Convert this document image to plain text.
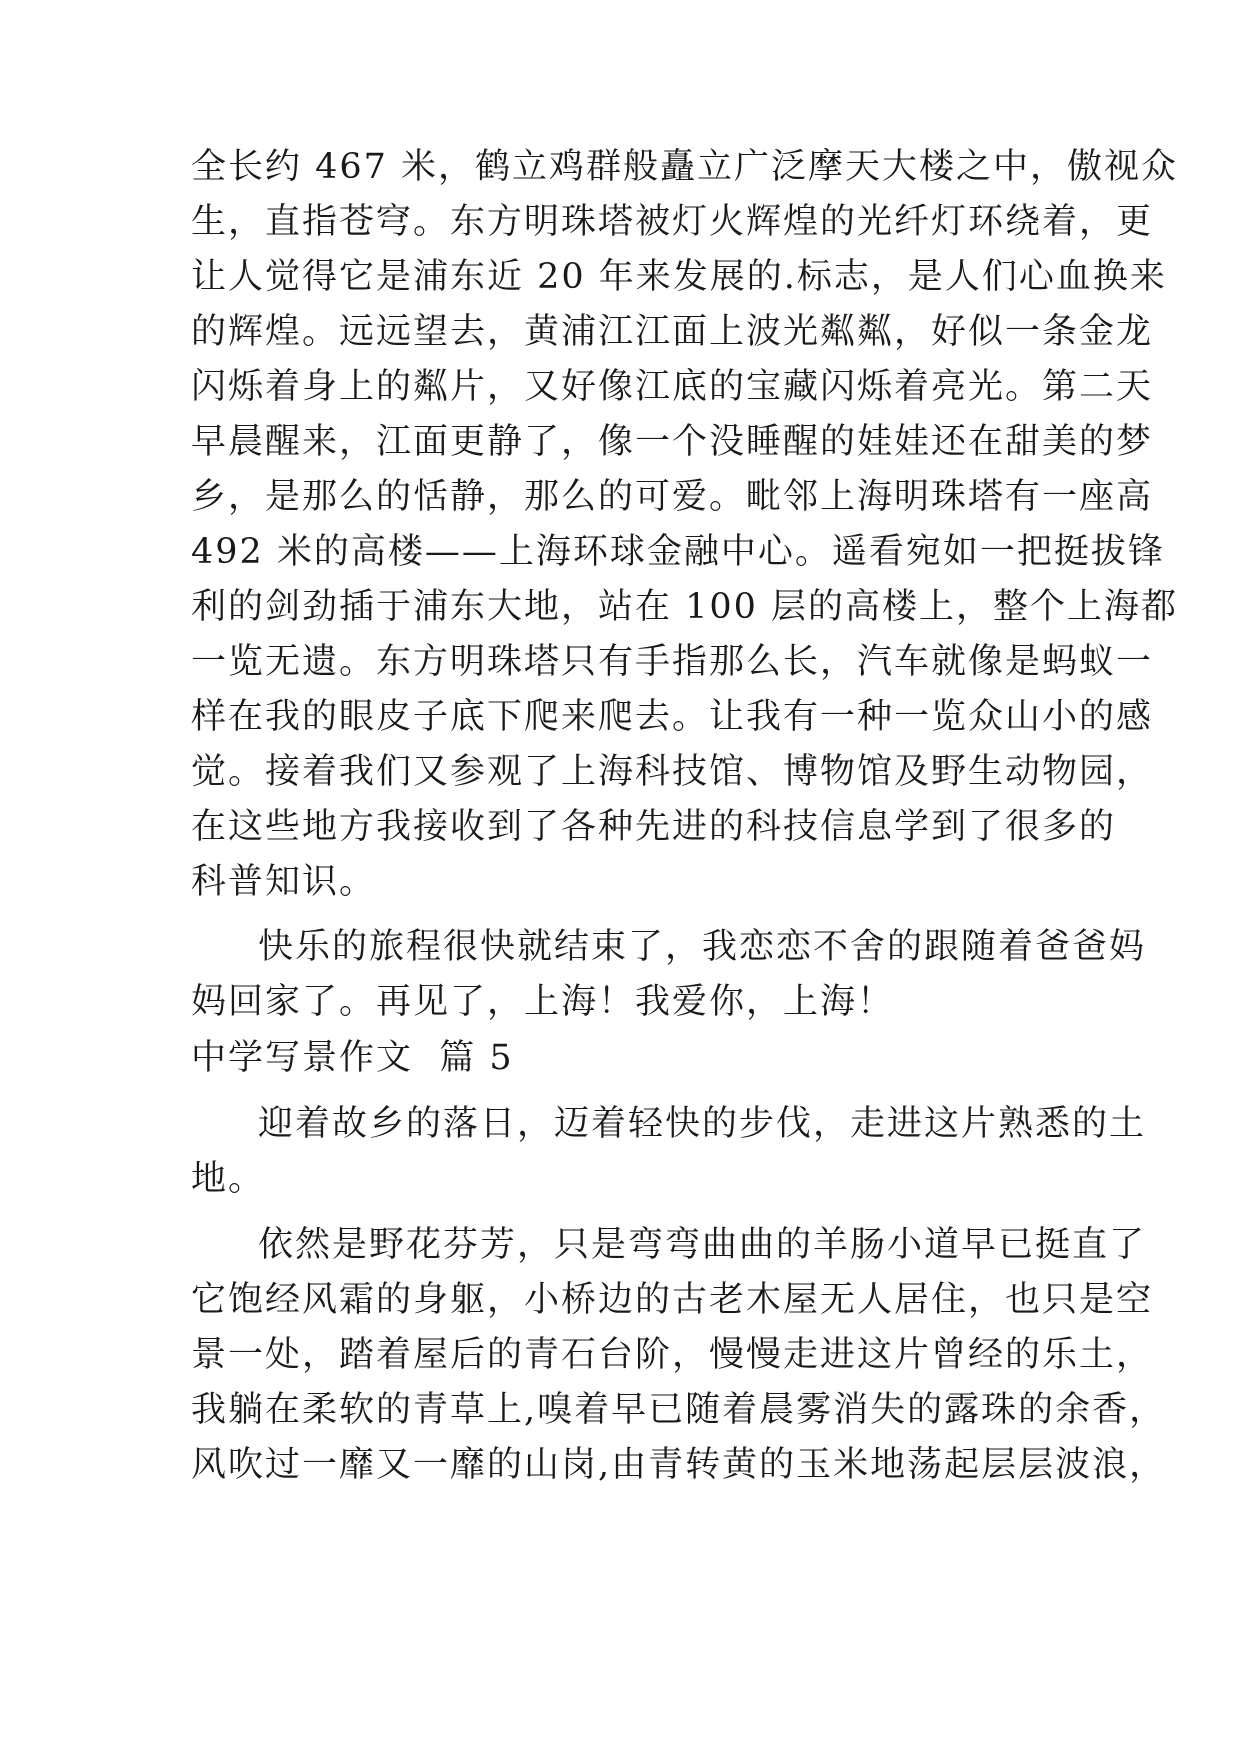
全长约 467 米，鹤立鸡群般矗立广泛摩天大楼之中，傲视众
生，直指苍穹。东方明珠塔被灯火辉煌的光纤灯环绕着，更
让人觉得它是浦东近 20 年来发展的.标志，是人们心血换来
的辉煌。远远望去，黄浦江江面上波光粼粼，好似一条金龙
闪烁着身上的粼片，又好像江底的宝藏闪烁着亮光。第二天
早晨醒来，江面更静了，像一个没睡醒的娃娃还在甜美的梦
乡，是那么的恬静，那么的可爱。毗邻上海明珠塔有一座高
492 米的高楼——上海环球金融中心。遥看宛如一把挺拔锋
利的剑劲插于浦东大地，站在 100 层的高楼上，整个上海都
一览无遗。东方明珠塔只有手指那么长，汽车就像是蚂蚁一
样在我的眼皮子底下爬来爬去。让我有一种一览众山小的感
觉。接着我们又参观了上海科技馆、博物馆及野生动物园，
在这些地方我接收到了各种先进的科技信息学到了很多的
科普知识。
快乐的旅程很快就结束了，我恋恋不舍的跟随着爸爸妈
妈回家了。再见了，上海！我爱你，上海！
中学写景作文  篇 5
迎着故乡的落日，迈着轻快的步伐，走进这片熟悉的土
地。
依然是野花芬芳，只是弯弯曲曲的羊肠小道早已挺直了
它饱经风霜的身躯，小桥边的古老木屋无人居住，也只是空
景一处，踏着屋后的青石台阶，慢慢走进这片曾经的乐土，
我躺在柔软的青草上,嗅着早已随着晨雾消失的露珠的余香，
风吹过一靡又一靡的山岗,由青转黄的玉米地荡起层层波浪，
